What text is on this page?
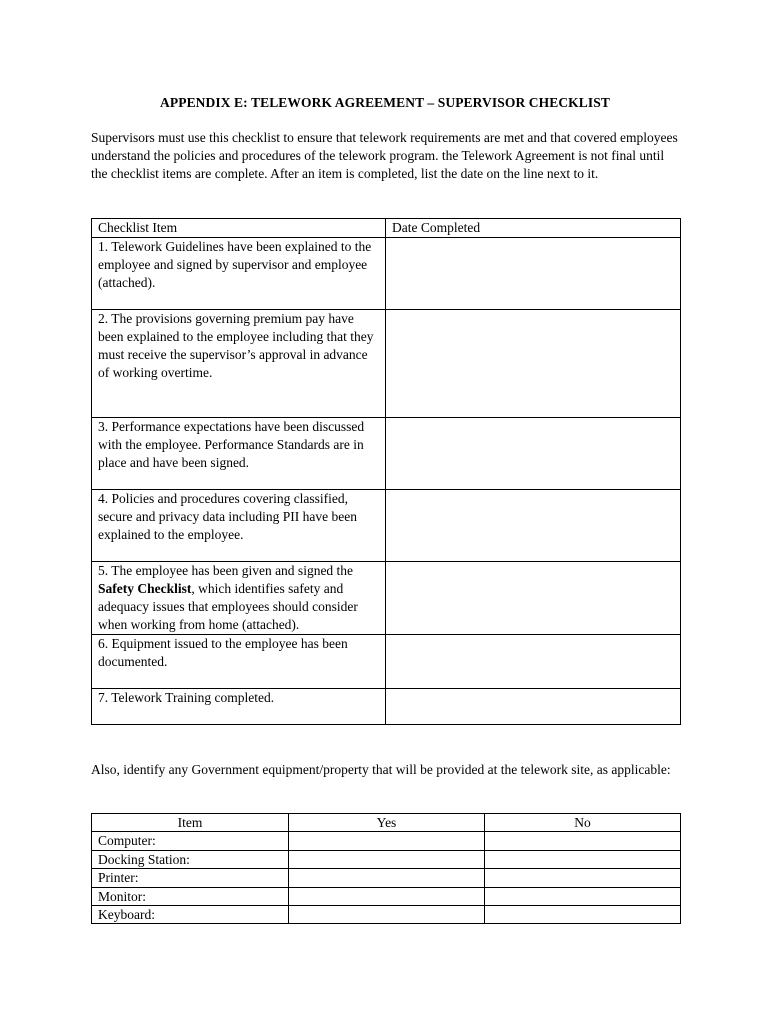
APPENDIX E: TELEWORK AGREEMENT – SUPERVISOR CHECKLIST
Supervisors must use this checklist to ensure that telework requirements are met and that covered employees understand the policies and procedures of the telework program. the Telework Agreement is not final until the checklist items are complete. After an item is completed, list the date on the line next to it.
Checklist Item	Date Completed
1. Telework Guidelines have been explained to the employee and signed by supervisor and employee (attached).	
2. The provisions governing premium pay have been explained to the employee including that they must receive the supervisor’s approval in advance of working overtime.	
3. Performance expectations have been discussed with the employee. Performance Standards are in place and have been signed.	
4. Policies and procedures covering classified, secure and privacy data including PII have been explained to the employee.	
5. The employee has been given and signed the Safety Checklist, which identifies safety and adequacy issues that employees should consider when working from home (attached).	
6. Equipment issued to the employee has been documented.	
7. Telework Training completed.	
Also, identify any Government equipment/property that will be provided at the telework site, as applicable:
Item	Yes	No
Computer:		
Docking Station:		
Printer:		
Monitor:		
Keyboard:		
